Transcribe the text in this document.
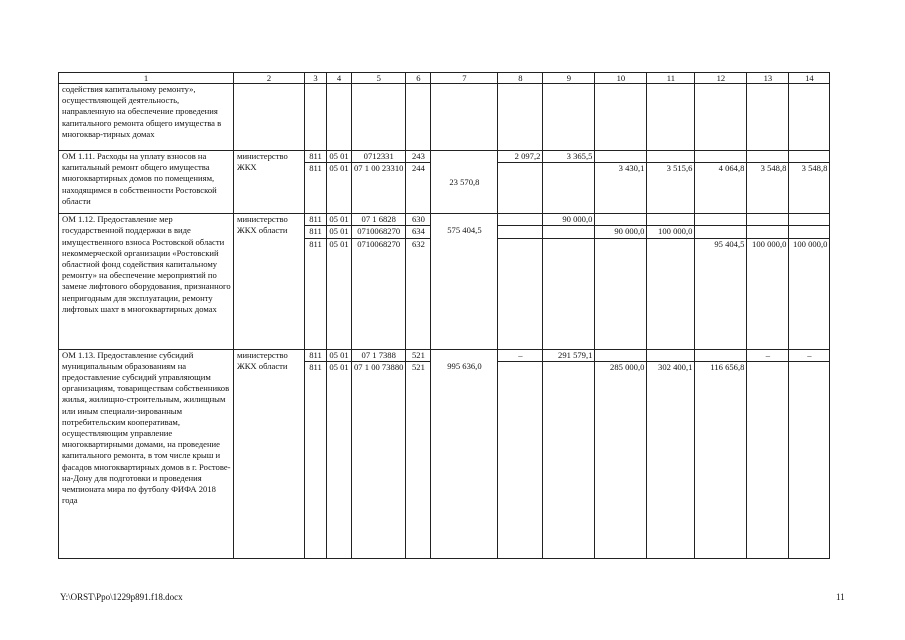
1	2	3	4	5	6	7	8	9	10	11	12	13	14
содействия капитальному ремонту», осуществляющей деятельность, направленную на обеспечение проведения капитального ремонта общего имущества в многоквар-тирных домах													
ОМ 1.11. Расходы на уплату взносов на капитальный ремонт общего имущества многоквартирных домов по помещениям, находящимся в собственности Ростовской области	министерство ЖКХ	811	05 01	0712331	243	23 570,8	2 097,2	3 365,5					
		811	05 01	07 1 00 23310	244				3 430,1	3 515,6	4 064,8	3 548,8	3 548,8
ОМ 1.12. Предоставление мер государственной поддержки в виде имущественного взноса Ростовской области некоммерческой организации «Ростовский областной фонд содействия капитальному ремонту» на обеспечение мероприятий по замене лифтового оборудования, признанного непригодным для эксплуатации, ремонту лифтовых шахт в многоквартирных домах	министерство ЖКХ области	811	05 01	07 1 6828	630	575 404,5		90 000,0					
		811	05 01	0710068270	634				90 000,0	100 000,0			
		811	05 01	0710068270	632						95 404,5	100 000,0	100 000,0
ОМ 1.13. Предоставление субсидий муниципальным образованиям на предоставление субсидий управляющим организациям, товариществам собственников жилья, жилищно-строительным, жилищным или иным специали-зированным потребительским кооперативам, осуществляющим управление многоквартирными домами, на проведение капитального ремонта, в том числе крыш и фасадов многоквартирных домов в г. Ростове-на-Дону для подготовки и проведения чемпионата мира по футболу ФИФА 2018 года	министерство ЖКХ области	811	05 01	07 1 7388	521	995 636,0	–	291 579,1				–	–
		811	05 01	07 1 00 73880	521				285 000,0	302 400,1	116 656,8		
Y:\ORST\Ppo\1229p891.f18.docx	11
